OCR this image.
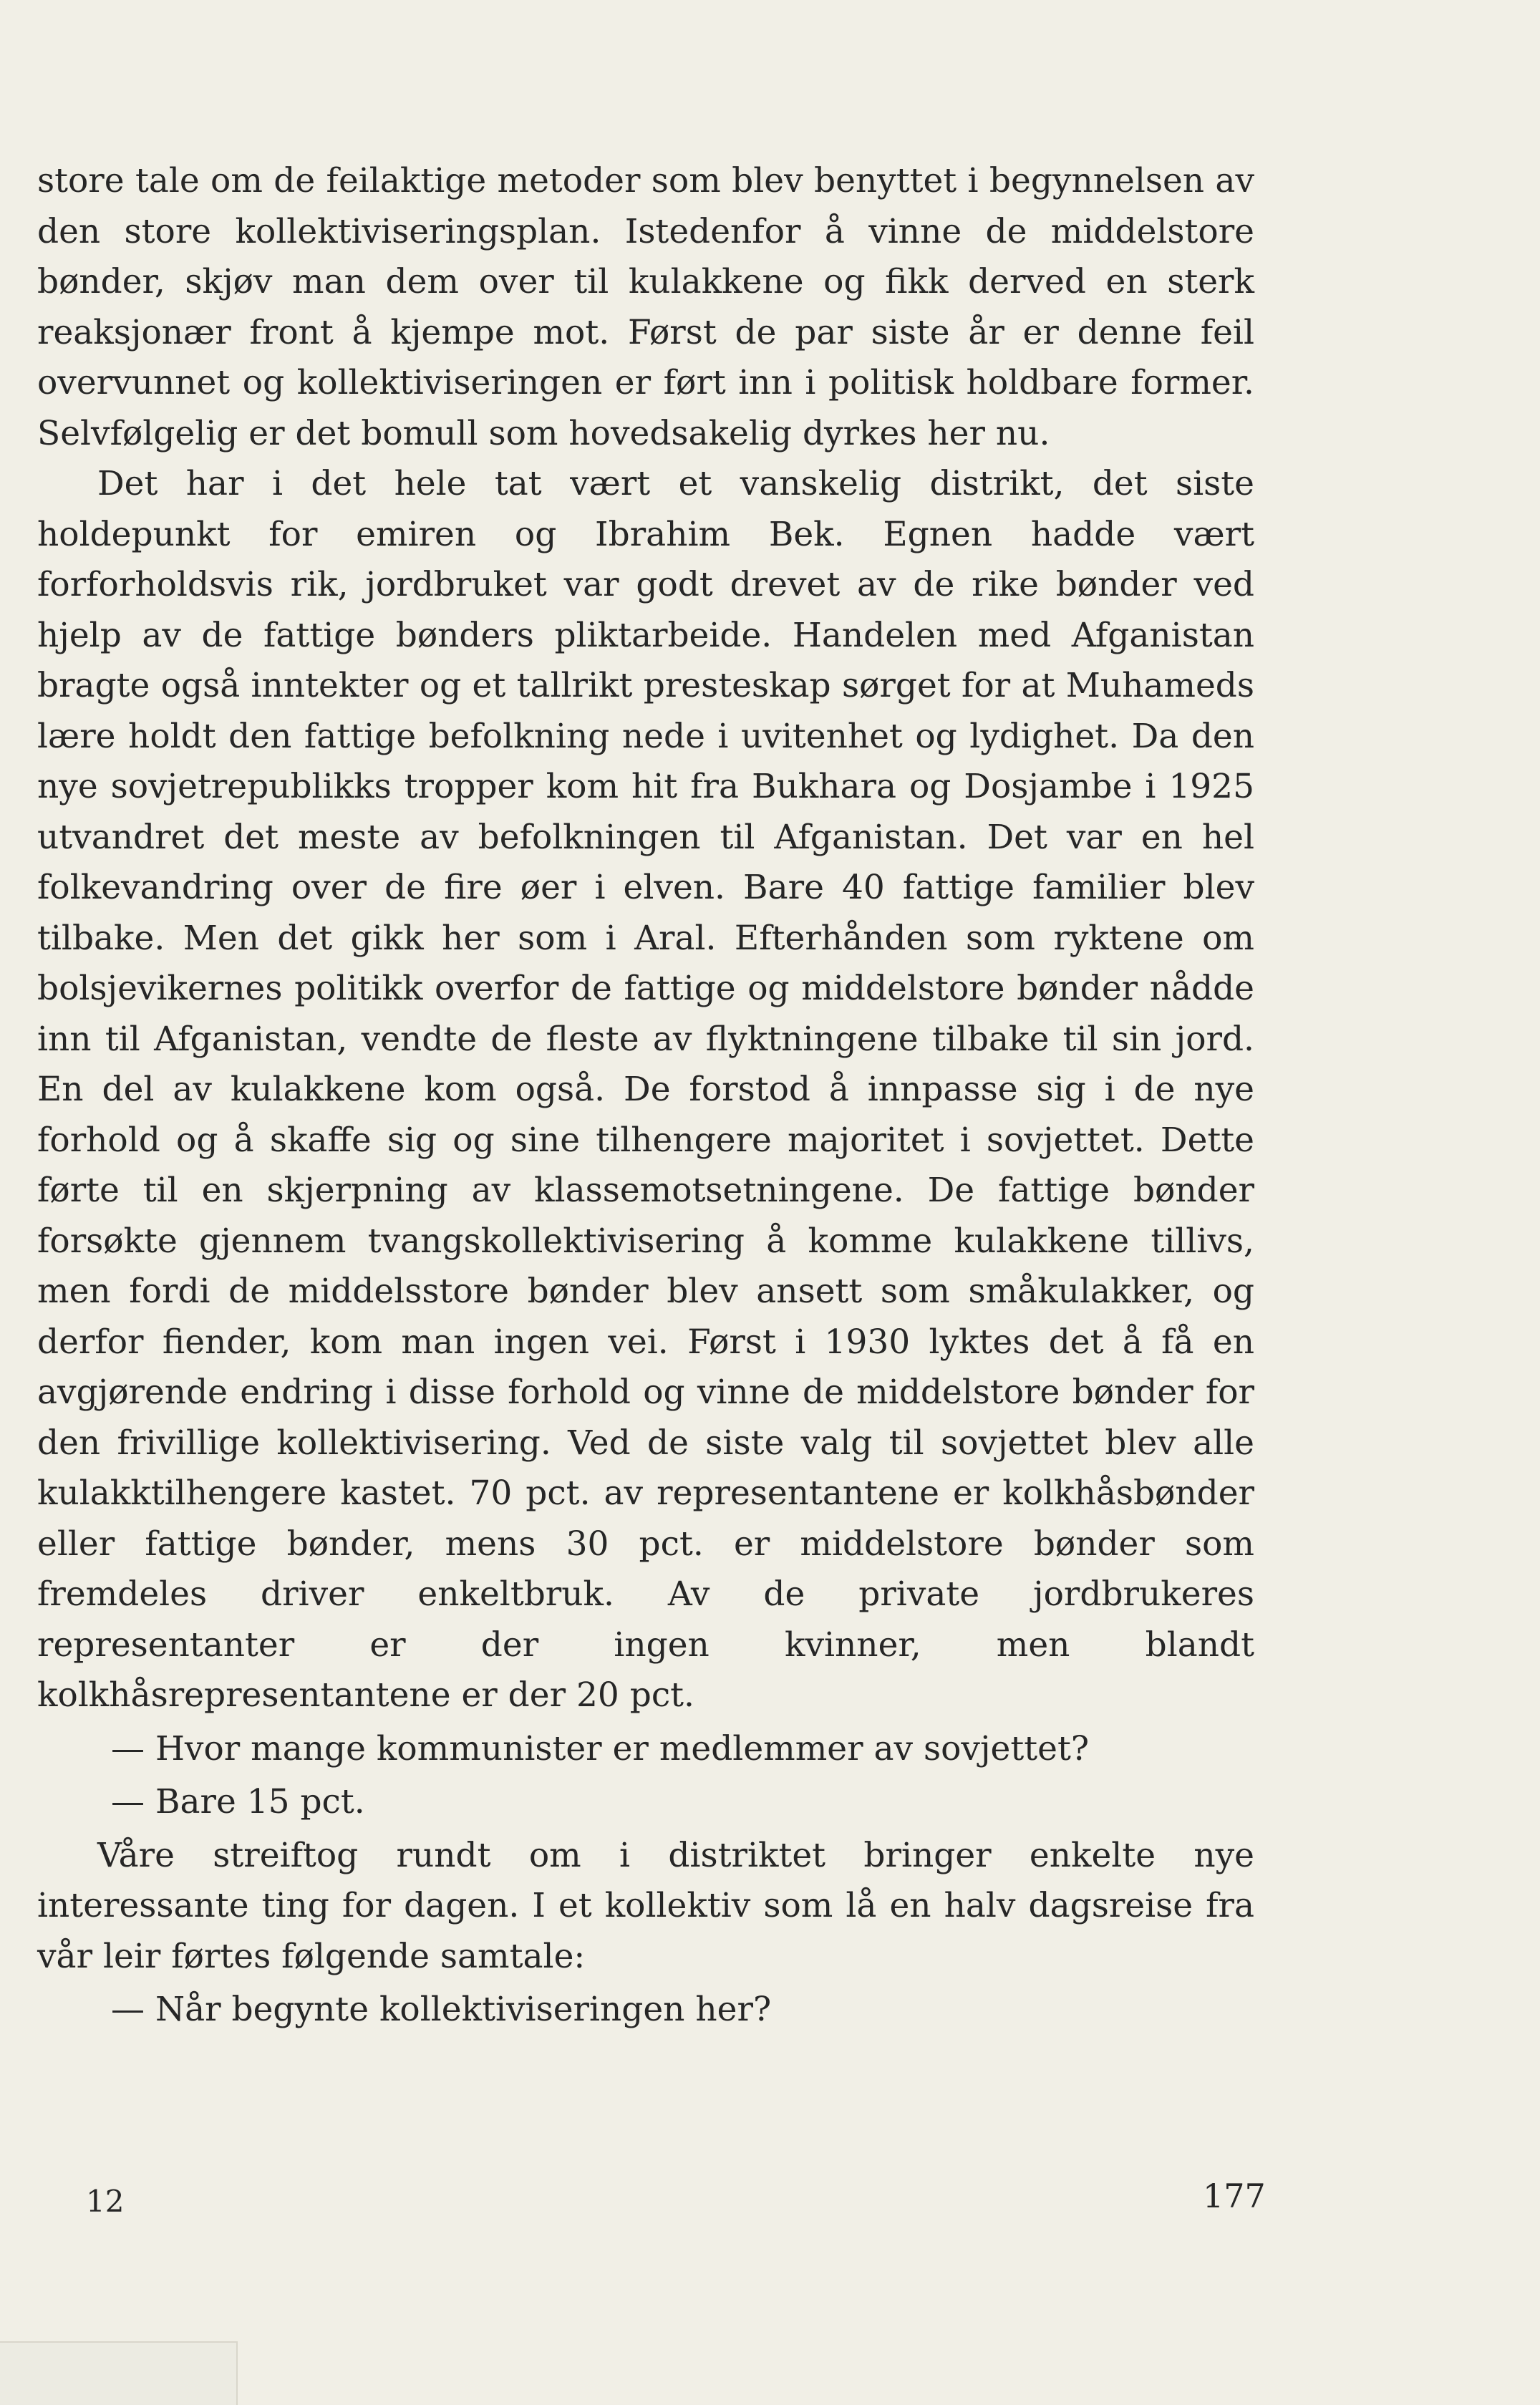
store tale om de feilaktige metoder som blev benyttet i begynnelsen av den store kollektiviseringsplan. Istedenfor å vinne de middelstore bønder, skjøv man dem over til kulakkene og fikk derved en sterk reaksjonær front å kjempe mot. Først de par siste år er denne feil overvunnet og kollektiviseringen er ført inn i politisk holdbare former. Selvfølgelig er det bomull som hovedsakelig dyrkes her nu.

Det har i det hele tat vært et vanskelig distrikt, det siste holdepunkt for emiren og Ibrahim Bek. Egnen hadde vært forforholdsvis rik, jordbruket var godt drevet av de rike bønder ved hjelp av de fattige bønders pliktarbeide. Handelen med Afganistan bragte også inntekter og et tallrikt presteskap sørget for at Muhameds lære holdt den fattige befolkning nede i uvitenhet og lydighet. Da den nye sovjetrepublikks tropper kom hit fra Bukhara og Dosjambe i 1925 utvandret det meste av befolkningen til Afganistan. Det var en hel folkevandring over de fire øer i elven. Bare 40 fattige familier blev tilbake. Men det gikk her som i Aral. Efterhånden som ryktene om bolsjevikernes politikk overfor de fattige og middelstore bønder nådde inn til Afganistan, vendte de fleste av flyktningene tilbake til sin jord. En del av kulakkene kom også. De forstod å innpasse sig i de nye forhold og å skaffe sig og sine tilhengere majoritet i sovjettet. Dette førte til en skjerpning av klassemotsetningene. De fattige bønder forsøkte gjennem tvangskollektivisering å komme kulakkene tillivs, men fordi de middelsstore bønder blev ansett som småkulakker, og derfor fiender, kom man ingen vei. Først i 1930 lyktes det å få en avgjørende endring i disse forhold og vinne de middelstore bønder for den frivillige kollektivisering. Ved de siste valg til sovjettet blev alle kulakktilhengere kastet. 70 pct. av representantene er kolkhåsbønder eller fattige bønder, mens 30 pct. er middelstore bønder som fremdeles driver enkeltbruk. Av de private jordbrukeres representanter er der ingen kvinner, men blandt kolkhåsrepresentantene er der 20 pct.

— Hvor mange kommunister er medlemmer av sovjettet?

— Bare 15 pct.

Våre streiftog rundt om i distriktet bringer enkelte nye interessante ting for dagen. I et kollektiv som lå en halv dagsreise fra vår leir førtes følgende samtale:

— Når begynte kollektiviseringen her?

12	177
